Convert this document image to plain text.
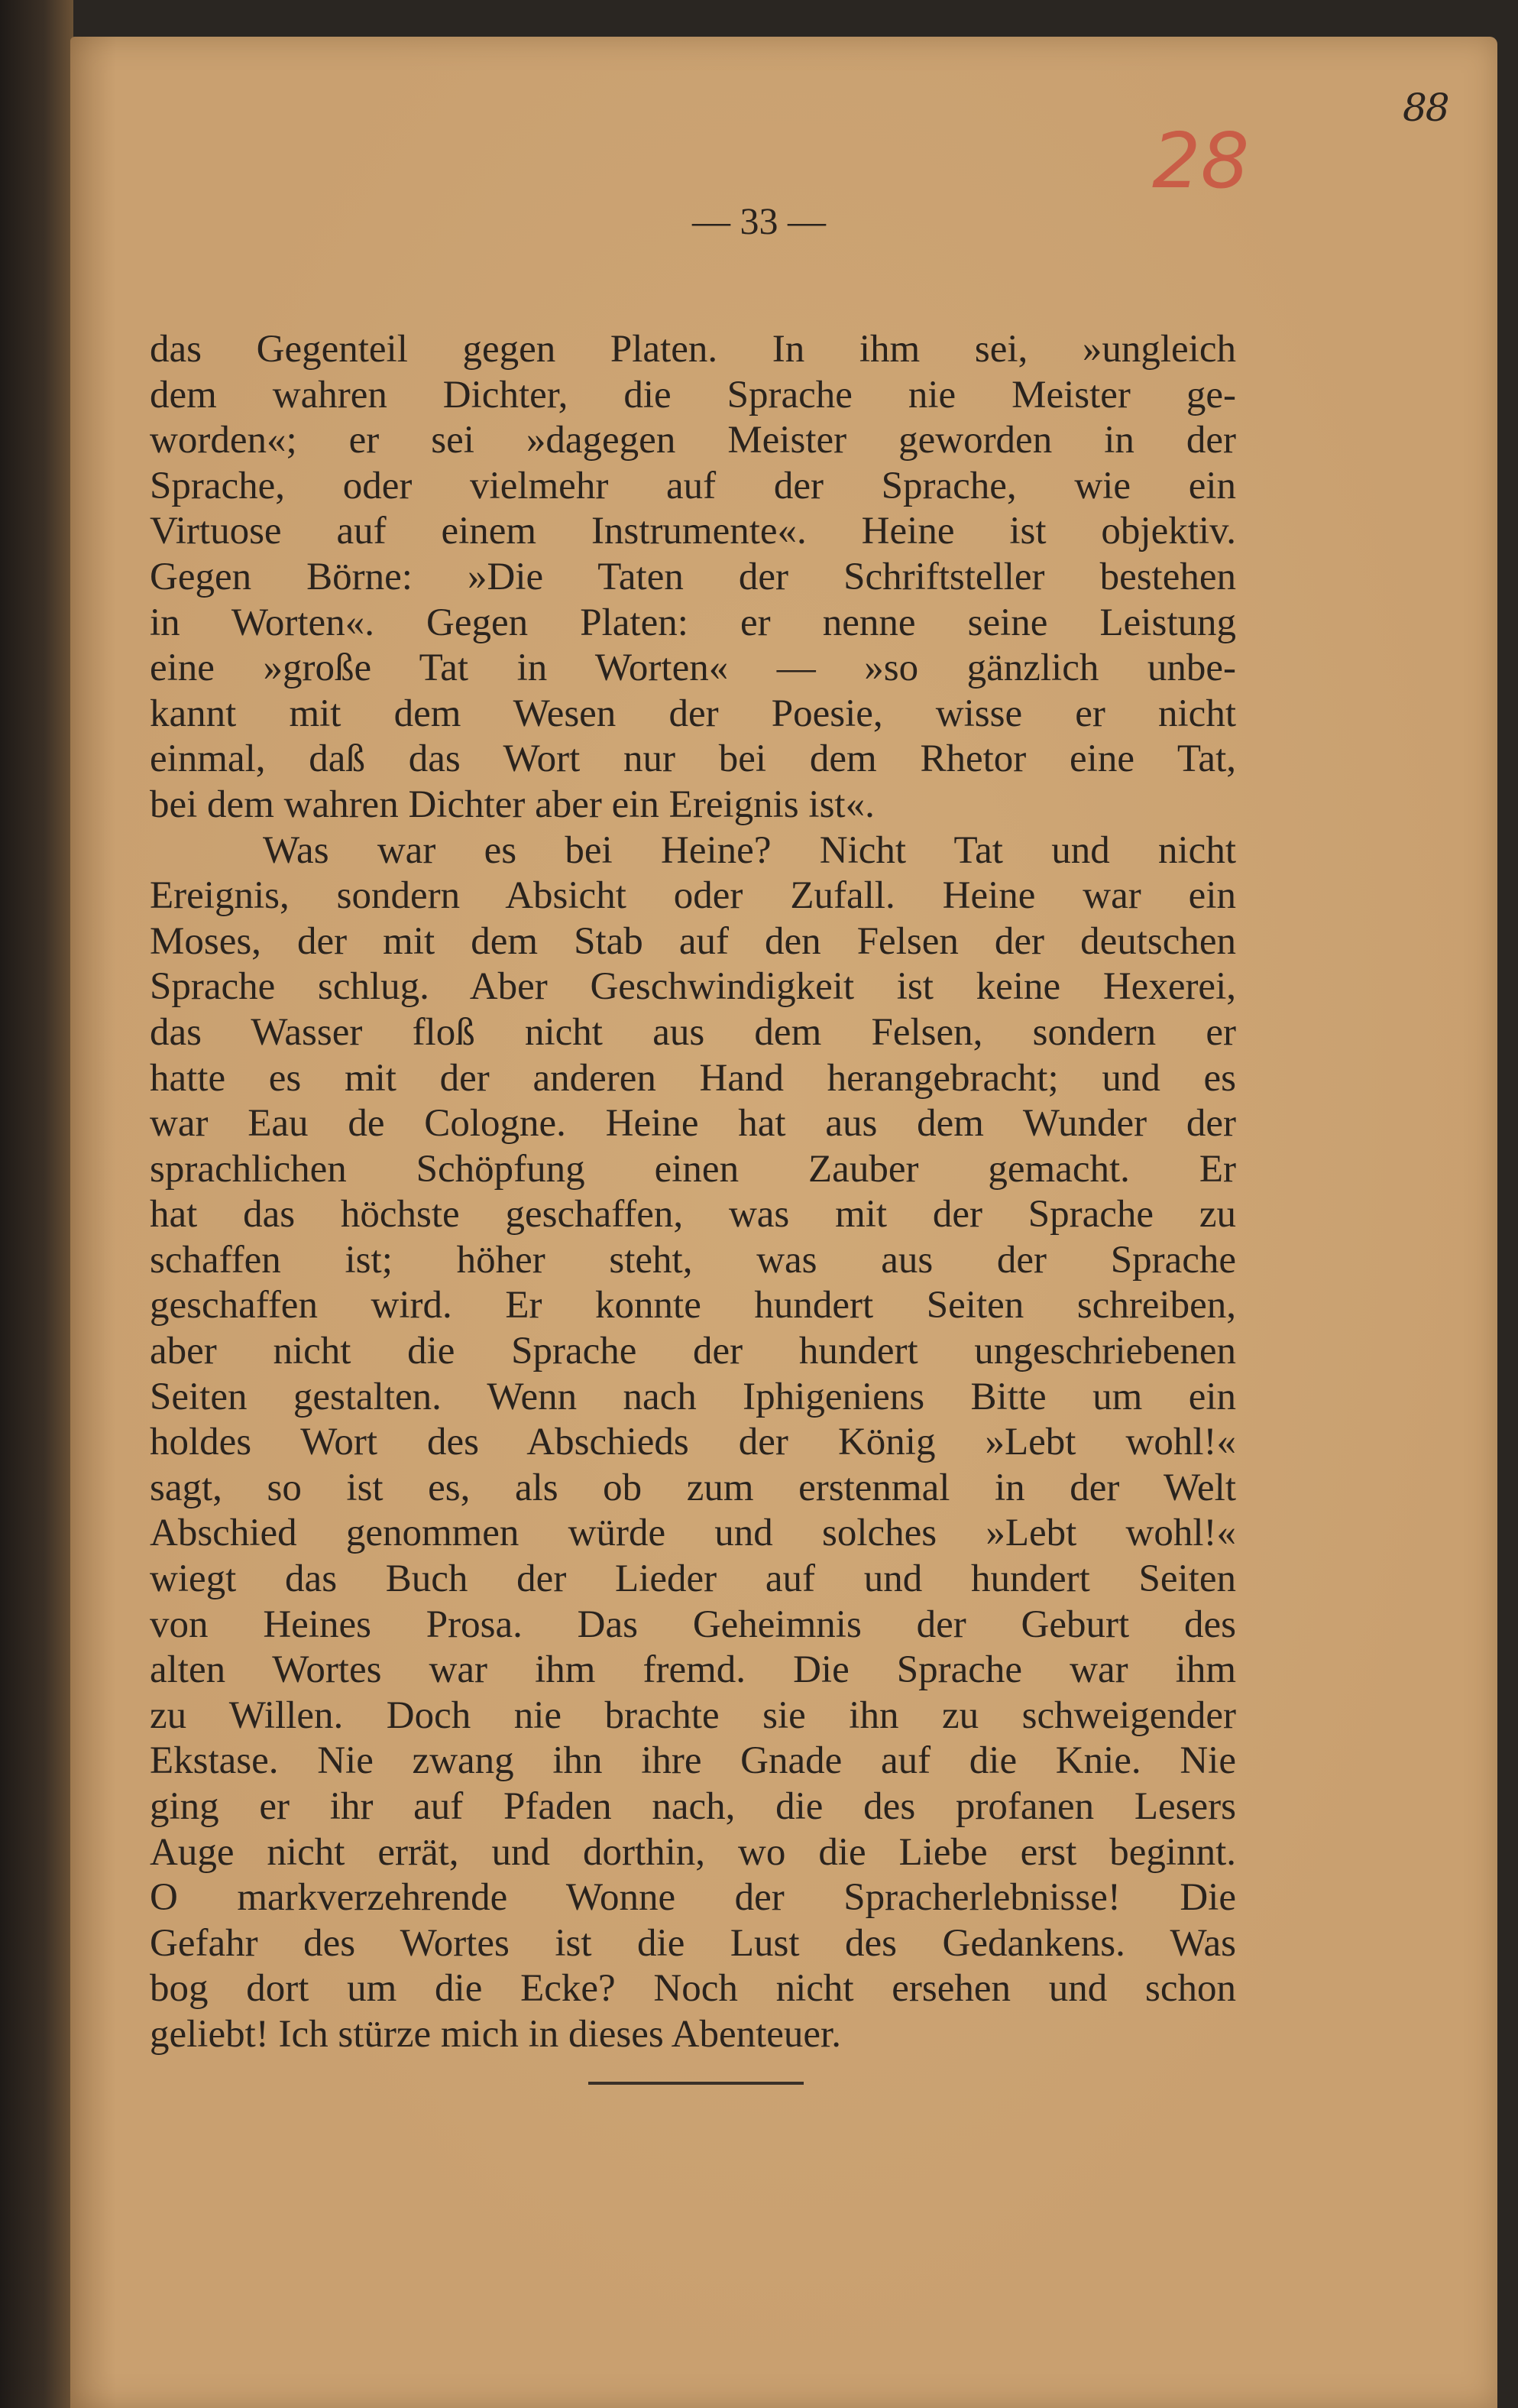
88
28
— 33 —
das Gegenteil gegen Platen. In ihm sei, »ungleich
dem wahren Dichter, die Sprache nie Meister ge-
worden«; er sei »dagegen Meister geworden in der
Sprache, oder vielmehr auf der Sprache, wie ein
Virtuose auf einem Instrumente«. Heine ist objektiv.
Gegen Börne: »Die Taten der Schriftsteller bestehen
in Worten«. Gegen Platen: er nenne seine Leistung
eine »große Tat in Worten« — »so gänzlich unbe-
kannt mit dem Wesen der Poesie, wisse er nicht
einmal, daß das Wort nur bei dem Rhetor eine Tat,
bei dem wahren Dichter aber ein Ereignis ist«.
Was war es bei Heine? Nicht Tat und nicht
Ereignis, sondern Absicht oder Zufall. Heine war ein
Moses, der mit dem Stab auf den Felsen der deutschen
Sprache schlug. Aber Geschwindigkeit ist keine Hexerei,
das Wasser floß nicht aus dem Felsen, sondern er
hatte es mit der anderen Hand herangebracht; und es
war Eau de Cologne. Heine hat aus dem Wunder der
sprachlichen Schöpfung einen Zauber gemacht. Er
hat das höchste geschaffen, was mit der Sprache zu
schaffen ist; höher steht, was aus der Sprache
geschaffen wird. Er konnte hundert Seiten schreiben,
aber nicht die Sprache der hundert ungeschriebenen
Seiten gestalten. Wenn nach Iphigeniens Bitte um ein
holdes Wort des Abschieds der König »Lebt wohl!«
sagt, so ist es, als ob zum erstenmal in der Welt
Abschied genommen würde und solches »Lebt wohl!«
wiegt das Buch der Lieder auf und hundert Seiten
von Heines Prosa. Das Geheimnis der Geburt des
alten Wortes war ihm fremd. Die Sprache war ihm
zu Willen. Doch nie brachte sie ihn zu schweigender
Ekstase. Nie zwang ihn ihre Gnade auf die Knie. Nie
ging er ihr auf Pfaden nach, die des profanen Lesers
Auge nicht errät, und dorthin, wo die Liebe erst beginnt.
O markverzehrende Wonne der Spracherlebnisse! Die
Gefahr des Wortes ist die Lust des Gedankens. Was
bog dort um die Ecke? Noch nicht ersehen und schon
geliebt! Ich stürze mich in dieses Abenteuer.
